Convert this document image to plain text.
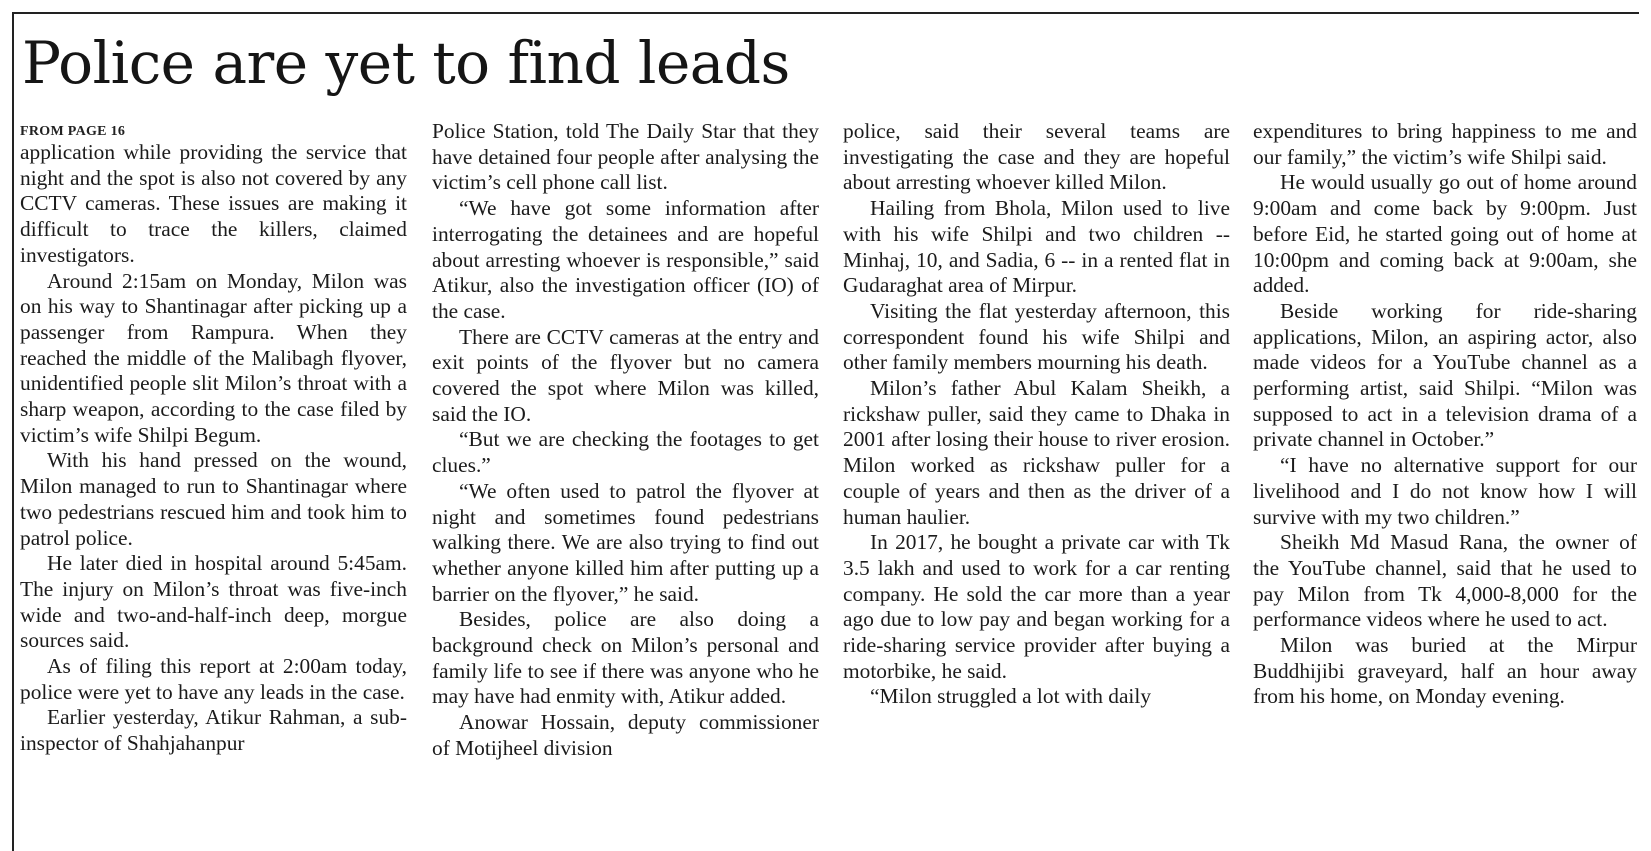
Police are yet to find leads
FROM PAGE 16

application while providing the service that night and the spot is also not covered by any CCTV cameras. These issues are making it difficult to trace the killers, claimed investigators.

Around 2:15am on Monday, Milon was on his way to Shantinagar after picking up a passenger from Rampura. When they reached the middle of the Malibagh flyover, unidentified people slit Milon’s throat with a sharp weapon, according to the case filed by victim’s wife Shilpi Begum.

With his hand pressed on the wound, Milon managed to run to Shantinagar where two pedestrians rescued him and took him to patrol police.

He later died in hospital around 5:45am. The injury on Milon’s throat was five-inch wide and two-and-half-inch deep, morgue sources said.

As of filing this report at 2:00am today, police were yet to have any leads in the case.

Earlier yesterday, Atikur Rahman, a sub-inspector of Shahjahanpur

Police Station, told The Daily Star that they have detained four people after analysing the victim’s cell phone call list.

“We have got some information after interrogating the detainees and are hopeful about arresting whoever is responsible,” said Atikur, also the investigation officer (IO) of the case.

There are CCTV cameras at the entry and exit points of the flyover but no camera covered the spot where Milon was killed, said the IO.

“But we are checking the footages to get clues.”

“We often used to patrol the flyover at night and sometimes found pedestrians walking there. We are also trying to find out whether anyone killed him after putting up a barrier on the flyover,” he said.

Besides, police are also doing a background check on Milon’s personal and family life to see if there was anyone who he may have had enmity with, Atikur added.

Anowar Hossain, deputy commissioner of Motijheel division

police, said their several teams are investigating the case and they are hopeful about arresting whoever killed Milon.

Hailing from Bhola, Milon used to live with his wife Shilpi and two children -- Minhaj, 10, and Sadia, 6 -- in a rented flat in Gudaraghat area of Mirpur.

Visiting the flat yesterday afternoon, this correspondent found his wife Shilpi and other family members mourning his death.

Milon’s father Abul Kalam Sheikh, a rickshaw puller, said they came to Dhaka in 2001 after losing their house to river erosion. Milon worked as rickshaw puller for a couple of years and then as the driver of a human haulier.

In 2017, he bought a private car with Tk 3.5 lakh and used to work for a car renting company. He sold the car more than a year ago due to low pay and began working for a ride-sharing service provider after buying a motorbike, he said.

“Milon struggled a lot with daily

expenditures to bring happiness to me and our family,” the victim’s wife Shilpi said.

He would usually go out of home around 9:00am and come back by 9:00pm. Just before Eid, he started going out of home at 10:00pm and coming back at 9:00am, she added.

Beside working for ride-sharing applications, Milon, an aspiring actor, also made videos for a YouTube channel as a performing artist, said Shilpi. “Milon was supposed to act in a television drama of a private channel in October.”

“I have no alternative support for our livelihood and I do not know how I will survive with my two children.”

Sheikh Md Masud Rana, the owner of the YouTube channel, said that he used to pay Milon from Tk 4,000-8,000 for the performance videos where he used to act.

Milon was buried at the Mirpur Buddhijibi graveyard, half an hour away from his home, on Monday evening.
